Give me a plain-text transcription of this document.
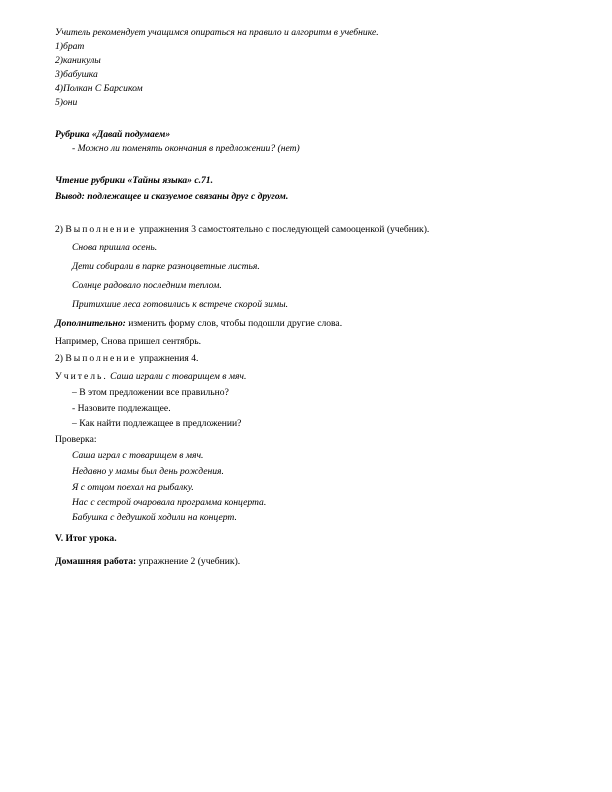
Учитель рекомендует учащимся опираться на правило и алгоритм в учебнике.
1)брат
2)каникулы
3)бабушка
4)Полкан С Барсиком
5)они
Рубрика «Давай подумаем»
- Можно ли поменять окончания в предложении? (нет)
Чтение рубрики «Тайны языка» с.71.
Вывод: подлежащее и сказуемое связаны друг с другом.
2) Выполнение упражнения 3 самостоятельно с последующей самооценкой (учебник).
Снова пришла осень.
Дети собирали в парке разноцветные листья.
Солнце радовало последним теплом.
Притихшие леса готовились к встрече скорой зимы.
Дополнительно: изменить форму слов, чтобы подошли другие слова.
Например, Снова пришел сентябрь.
2) Выполнение упражнения 4.
Учитель. Саша играли с товарищем в мяч.
– В этом предложении все правильно?
- Назовите подлежащее.
– Как найти подлежащее в предложении?
Проверка:
Саша играл с товарищем в мяч.
Недавно у мамы был день рождения.
Я с отцом поехал на рыбалку.
Нас с сестрой очаровала программа концерта.
Бабушка с дедушкой ходили на концерт.
V. Итог урока.
Домашняя работа: упражнение 2 (учебник).
